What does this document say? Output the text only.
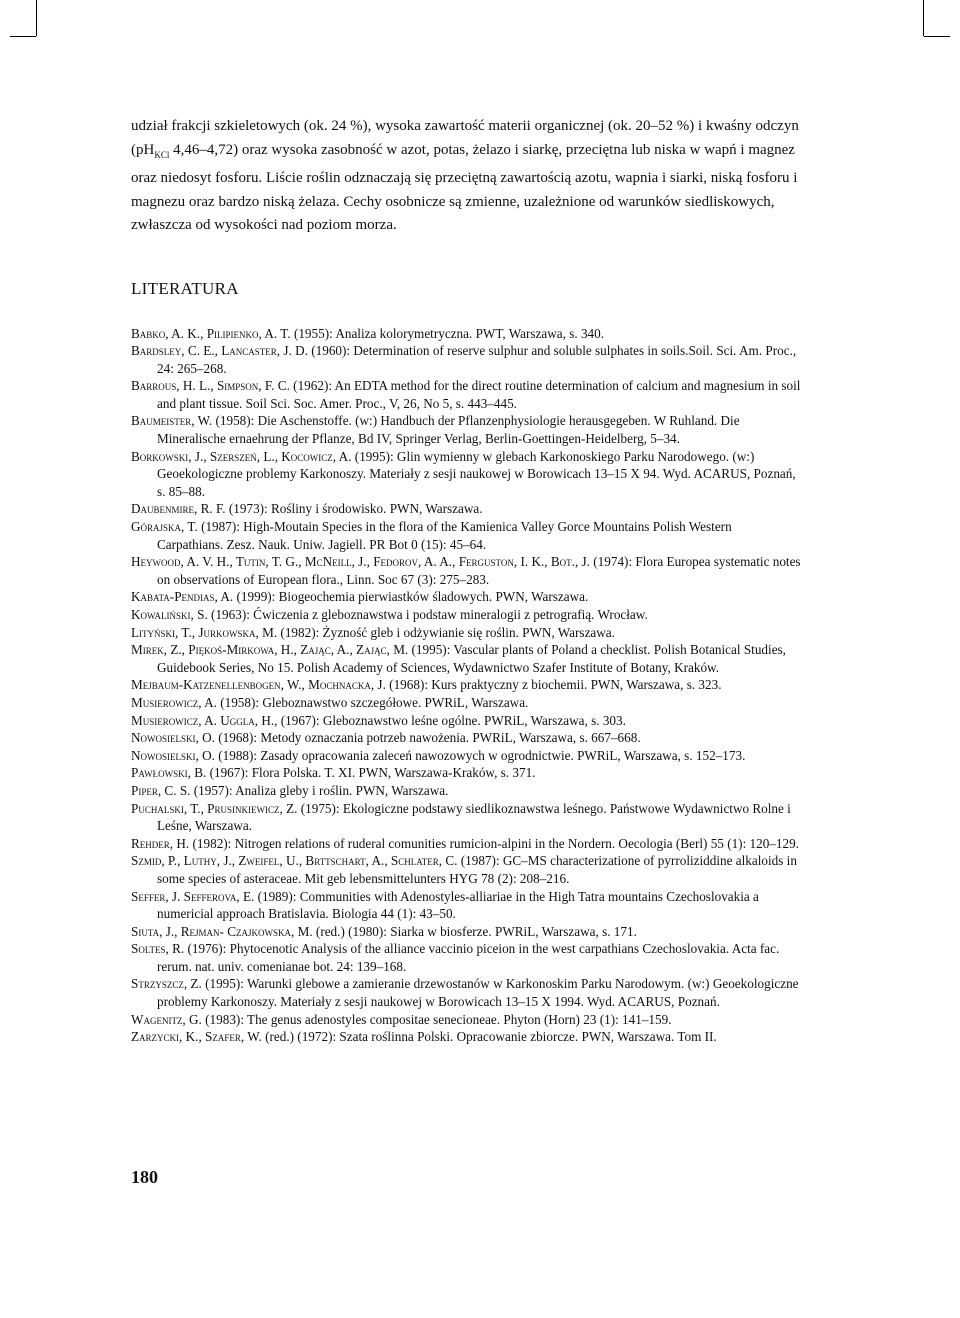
udział frakcji szkieletowych (ok. 24 %), wysoka zawartość materii organicznej (ok. 20–52 %) i kwaśny odczyn ($pH_{KCl}$ 4,46–4,72) oraz wysoka zasobność w azot, potas, żelazo i siarkę, przeciętna lub niska w wapń i magnez oraz niedosyt fosforu. Liście roślin odznaczają się przeciętną zawartością azotu, wapnia i siarki, niską fosforu i magnezu oraz bardzo niską żelaza. Cechy osobnicze są zmienne, uzależnione od warunków siedliskowych, zwłaszcza od wysokości nad poziom morza.

LITERATURA
Babko, A. K., Pilipienko, A. T. (1955): Analiza kolorymetryczna. PWT, Warszawa, s. 340.
Bardsley, C. E., Lancaster, J. D. (1960): Determination of reserve sulphur and soluble sulphates in soils.Soil. Sci. Am. Proc., 24: 265–268.
Barrous, H. L., Simpson, F. C. (1962): An EDTA method for the direct routine determination of calcium and magnesium in soil and plant tissue. Soil Sci. Soc. Amer. Proc., V, 26, No 5, s. 443–445.
Baumeister, W. (1958): Die Aschenstoffe. (w:) Handbuch der Pflanzenphysiologie herausgegeben. W Ruhland. Die Mineralische ernaehrung der Pflanze, Bd IV, Springer Verlag, Berlin-Goettingen-Heidelberg, 5–34.
Borkowski, J., Szerszeń, L., Kocowicz, A. (1995): Glin wymienny w glebach Karkonoskiego Parku Narodowego. (w:) Geoekologiczne problemy Karkonoszy. Materiały z sesji naukowej w Borowicach 13–15 X 94. Wyd. ACARUS, Poznań, s. 85–88.
Daubenmire, R. F. (1973): Rośliny i środowisko. PWN, Warszawa.
Górajska, T. (1987): High-Moutain Species in the flora of the Kamienica Valley Gorce Mountains Polish Western Carpathians. Zesz. Nauk. Uniw. Jagiell. PR Bot 0 (15): 45–64.
Heywood, A. V. H., Tutin, T. G., McNeill, J., Fedorov, A. A., Ferguston, I. K., Bot., J. (1974): Flora Europea systematic notes on observations of European flora., Linn. Soc 67 (3): 275–283.
Kabata-Pendias, A. (1999): Biogeochemia pierwiastków śladowych. PWN, Warszawa.
Kowaliński, S. (1963): Ćwiczenia z gleboznawstwa i podstaw mineralogii z petrografią. Wrocław.
Lityński, T., Jurkowska, M. (1982): Żyzność gleb i odżywianie się roślin. PWN, Warszawa.
Mirek, Z., Piękoś-Mirkowa, H., Zając, A., Zając, M. (1995): Vascular plants of Poland a checklist. Polish Botanical Studies, Guidebook Series, No 15. Polish Academy of Sciences, Wydawnictwo Szafer Institute of Botany, Kraków.
Mejbaum-Katzenellenbogen, W., Mochnacka, J. (1968): Kurs praktyczny z biochemii. PWN, Warszawa, s. 323.
Musierowicz, A. (1958): Gleboznawstwo szczegółowe. PWRiL, Warszawa.
Musierowicz, A. Uggla, H., (1967): Gleboznawstwo leśne ogólne. PWRiL, Warszawa, s. 303.
Nowosielski, O. (1968): Metody oznaczania potrzeb nawożenia. PWRiL, Warszawa, s. 667–668.
Nowosielski, O. (1988): Zasady opracowania zaleceń nawozowych w ogrodnictwie. PWRiL, Warszawa, s. 152–173.
Pawłowski, B. (1967): Flora Polska. T. XI. PWN, Warszawa-Kraków, s. 371.
Piper, C. S. (1957): Analiza gleby i roślin. PWN, Warszawa.
Puchalski, T., Prusinkiewicz, Z. (1975): Ekologiczne podstawy siedlikoznawstwa leśnego. Państwowe Wydawnictwo Rolne i Leśne, Warszawa.
Rehder, H. (1982): Nitrogen relations of ruderal comunities rumicion-alpini in the Nordern. Oecologia (Berl) 55 (1): 120–129.
Szmid, P., Luthy, J., Zweifel, U., Brttschart, A., Schlater, C. (1987): GC–MS characterizatione of pyrroliziddine alkaloids in some species of asteraceae. Mit geb lebensmittelunters HYG 78 (2): 208–216.
Seffer, J. Sefferova, E. (1989): Communities with Adenostyles-alliariae in the High Tatra mountains Czechoslovakia a numericial approach Bratislavia. Biologia 44 (1): 43–50.
Siuta, J., Rejman- Czajkowska, M. (red.) (1980): Siarka w biosferze. PWRiL, Warszawa, s. 171.
Soltes, R. (1976): Phytocenotic Analysis of the alliance vaccinio piceion in the west carpathians Czechoslovakia. Acta fac. rerum. nat. univ. comenianae bot. 24: 139–168.
Strzyszcz, Z. (1995): Warunki glebowe a zamieranie drzewostanów w Karkonoskim Parku Narodowym. (w:) Geoekologiczne problemy Karkonoszy. Materiały z sesji naukowej w Borowicach 13–15 X 1994. Wyd. ACARUS, Poznań.
Wagenitz, G. (1983): The genus adenostyles compositae senecioneae. Phyton (Horn) 23 (1): 141–159.
Zarzycki, K., Szafer, W. (red.) (1972): Szata roślinna Polski. Opracowanie zbiorcze. PWN, Warszawa. Tom II.
180
